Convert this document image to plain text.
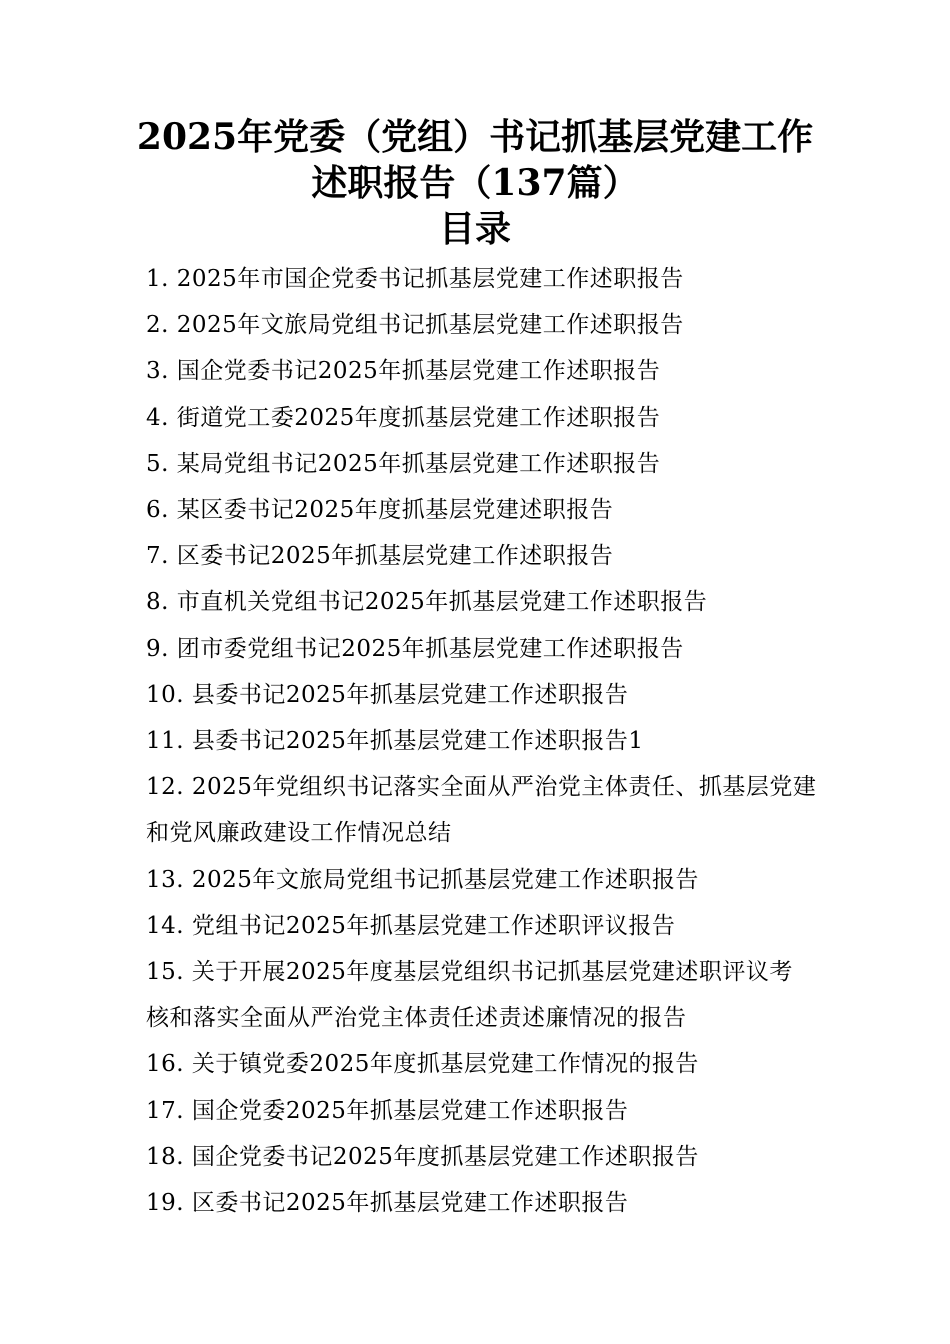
2025年党委（党组）书记抓基层党建工作
述职报告（137篇）
目录
1. 2025年市国企党委书记抓基层党建工作述职报告
2. 2025年文旅局党组书记抓基层党建工作述职报告
3. 国企党委书记2025年抓基层党建工作述职报告
4. 街道党工委2025年度抓基层党建工作述职报告
5. 某局党组书记2025年抓基层党建工作述职报告
6. 某区委书记2025年度抓基层党建述职报告
7. 区委书记2025年抓基层党建工作述职报告
8. 市直机关党组书记2025年抓基层党建工作述职报告
9. 团市委党组书记2025年抓基层党建工作述职报告
10. 县委书记2025年抓基层党建工作述职报告
11. 县委书记2025年抓基层党建工作述职报告1
12. 2025年党组织书记落实全面从严治党主体责任、抓基层党建
和党风廉政建设工作情况总结
13. 2025年文旅局党组书记抓基层党建工作述职报告
14. 党组书记2025年抓基层党建工作述职评议报告
15. 关于开展2025年度基层党组织书记抓基层党建述职评议考
核和落实全面从严治党主体责任述责述廉情况的报告
16. 关于镇党委2025年度抓基层党建工作情况的报告
17. 国企党委2025年抓基层党建工作述职报告
18. 国企党委书记2025年度抓基层党建工作述职报告
19. 区委书记2025年抓基层党建工作述职报告
